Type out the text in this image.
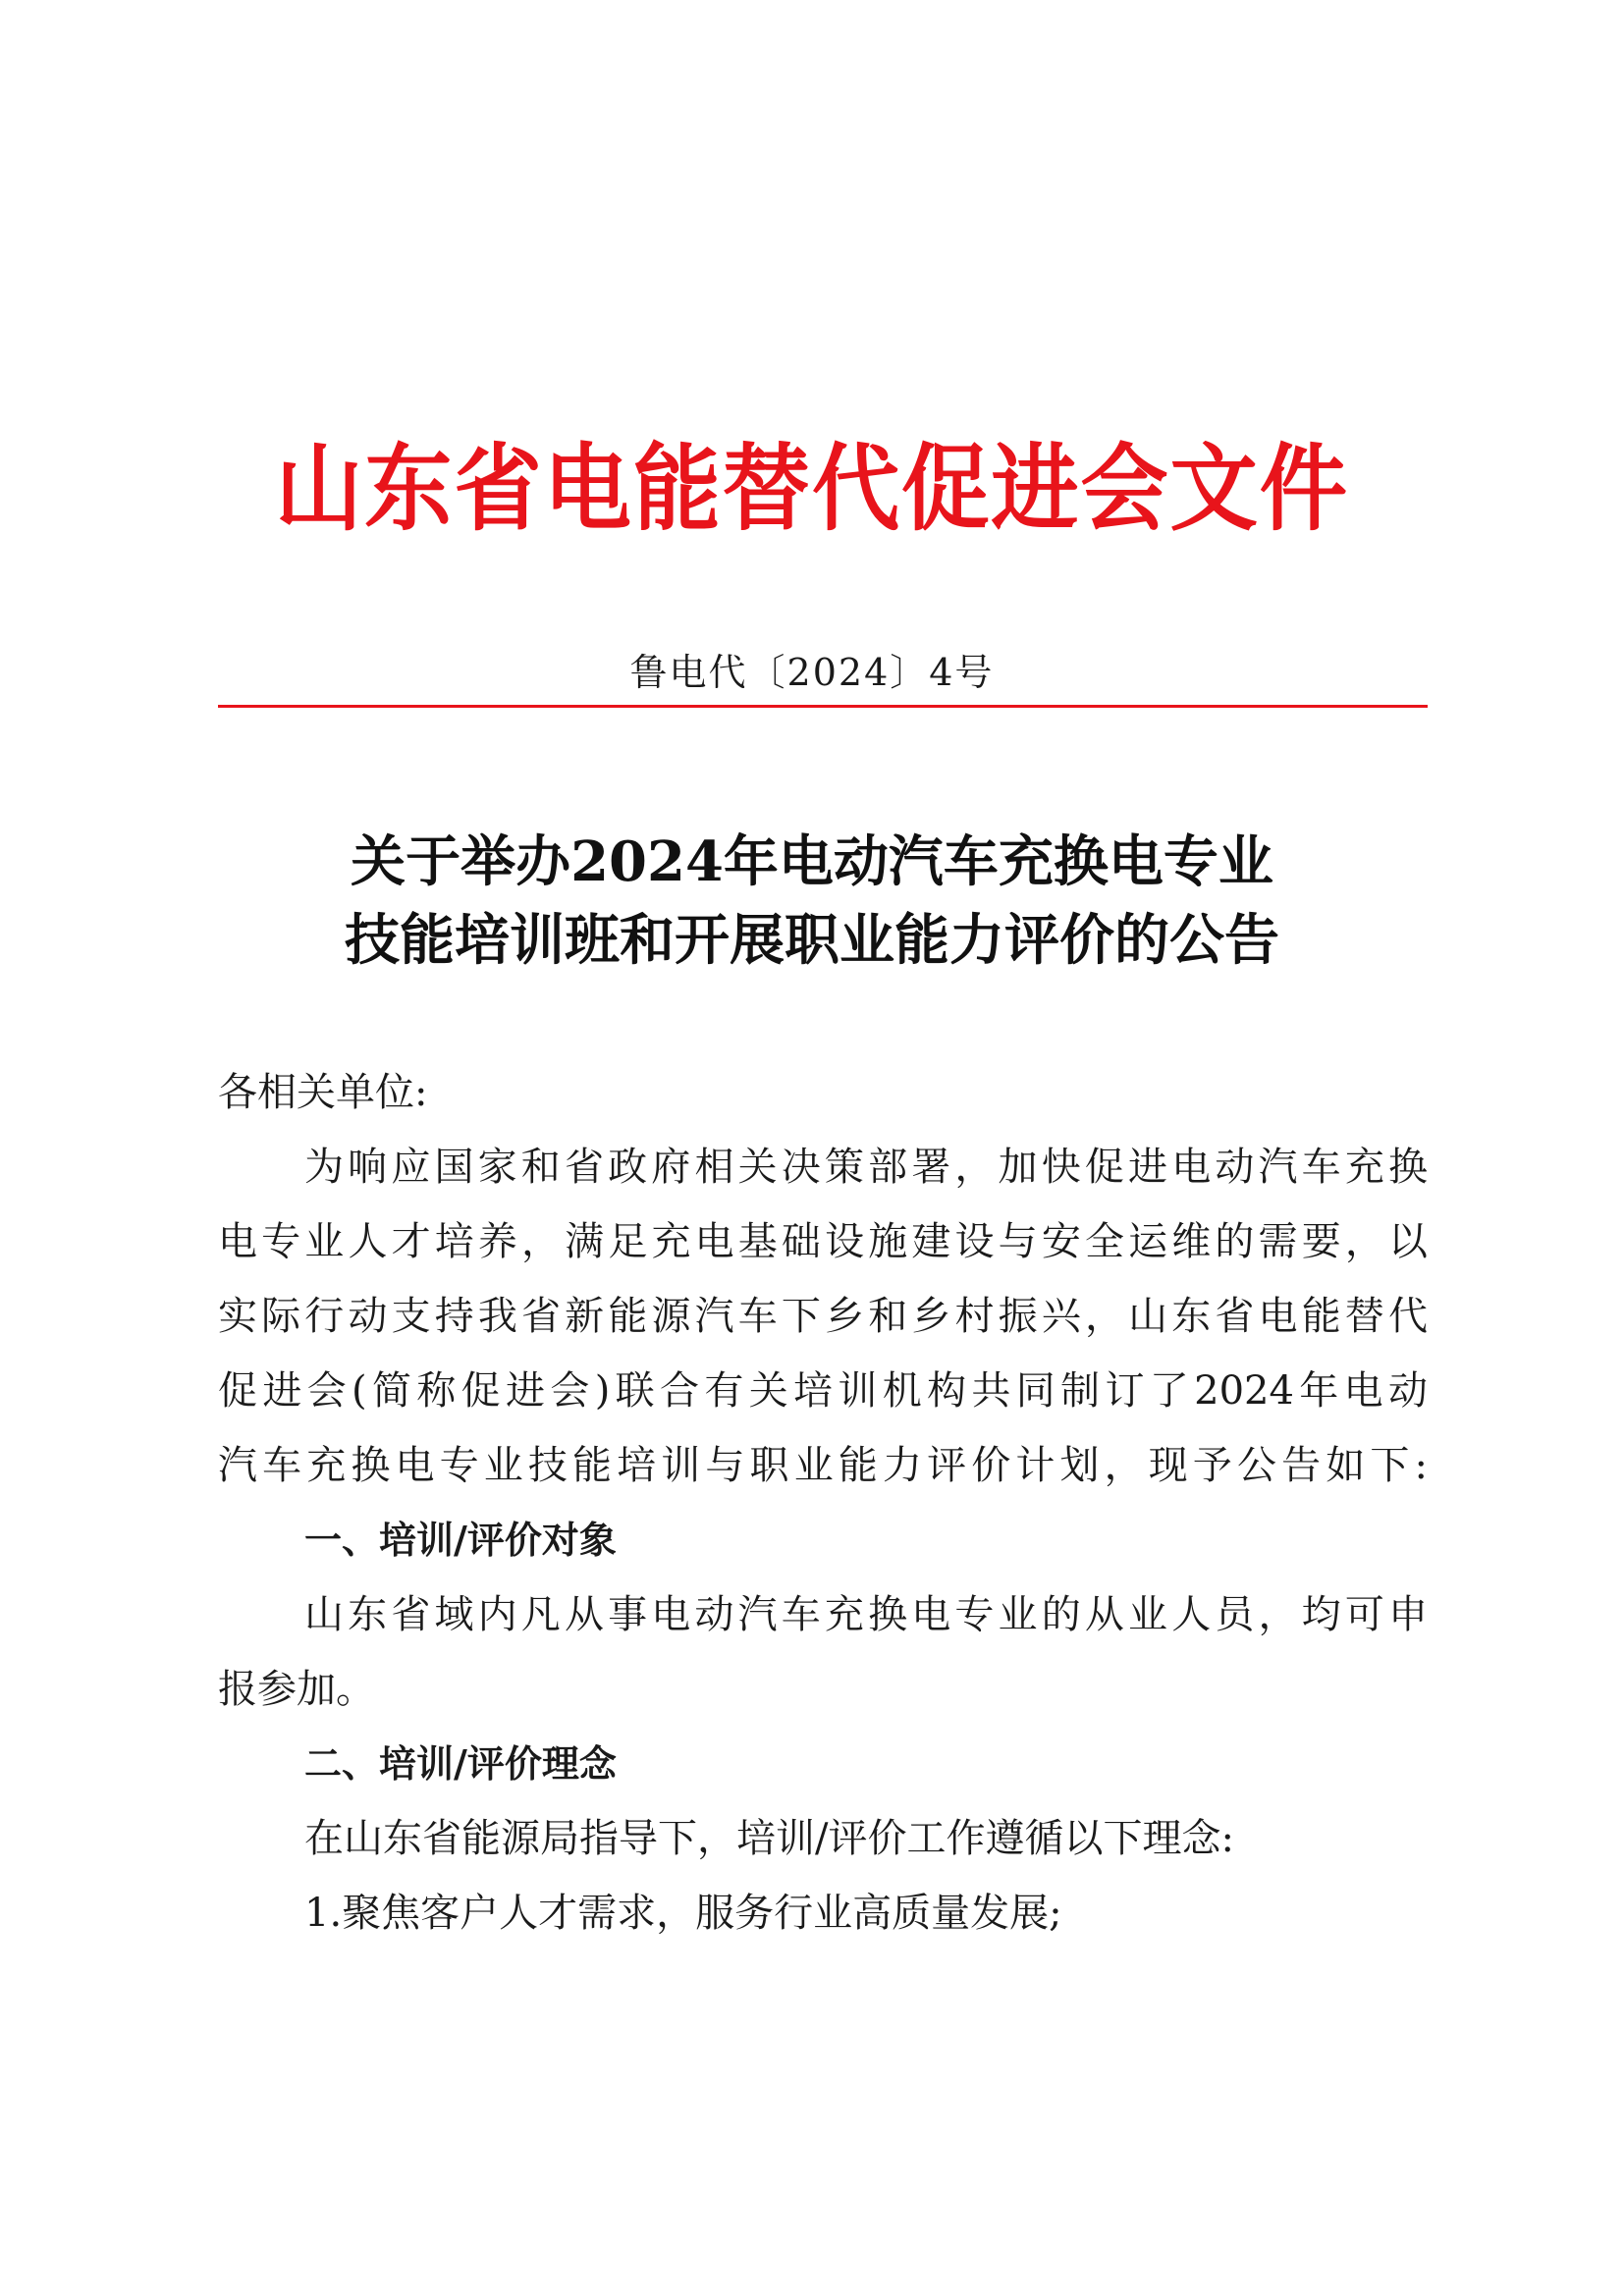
山东省电能替代促进会文件
鲁电代〔2024〕4号
关于举办2024年电动汽车充换电专业
技能培训班和开展职业能力评价的公告
各相关单位:
为响应国家和省政府相关决策部署，加快促进电动汽车充换
电专业人才培养，满足充电基础设施建设与安全运维的需要，以
实际行动支持我省新能源汽车下乡和乡村振兴，山东省电能替代
促进会(简称促进会)联合有关培训机构共同制订了2024年电动
汽车充换电专业技能培训与职业能力评价计划，现予公告如下:
一、培训/评价对象
山东省域内凡从事电动汽车充换电专业的从业人员，均可申
报参加。
二、培训/评价理念
在山东省能源局指导下，培训/评价工作遵循以下理念:
1.聚焦客户人才需求，服务行业高质量发展;
